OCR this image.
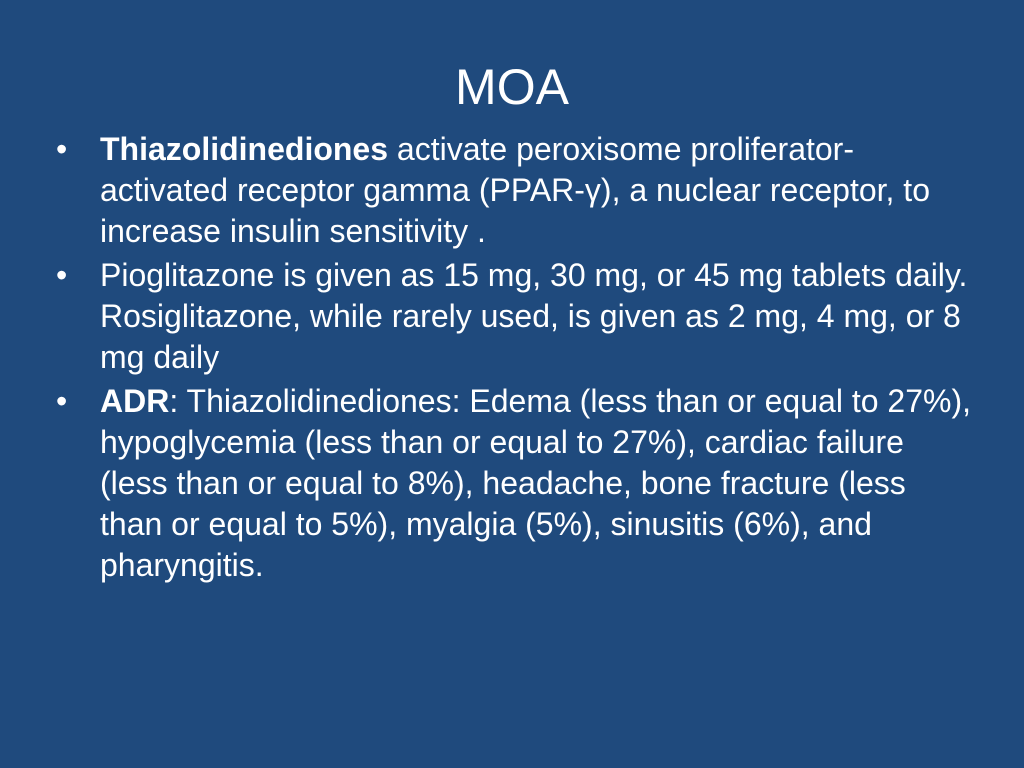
MOA
•	Thiazolidinediones activate peroxisome proliferator-activated receptor gamma (PPAR-γ), a nuclear receptor, to increase insulin sensitivity .
•	Pioglitazone is given as 15 mg, 30 mg, or 45 mg tablets daily. Rosiglitazone, while rarely used, is given as 2 mg, 4 mg, or 8 mg daily
•	ADR: Thiazolidinediones: Edema (less than or equal to 27%), hypoglycemia (less than or equal to 27%), cardiac failure (less than or equal to 8%), headache, bone fracture (less than or equal to 5%), myalgia (5%), sinusitis (6%), and pharyngitis.
